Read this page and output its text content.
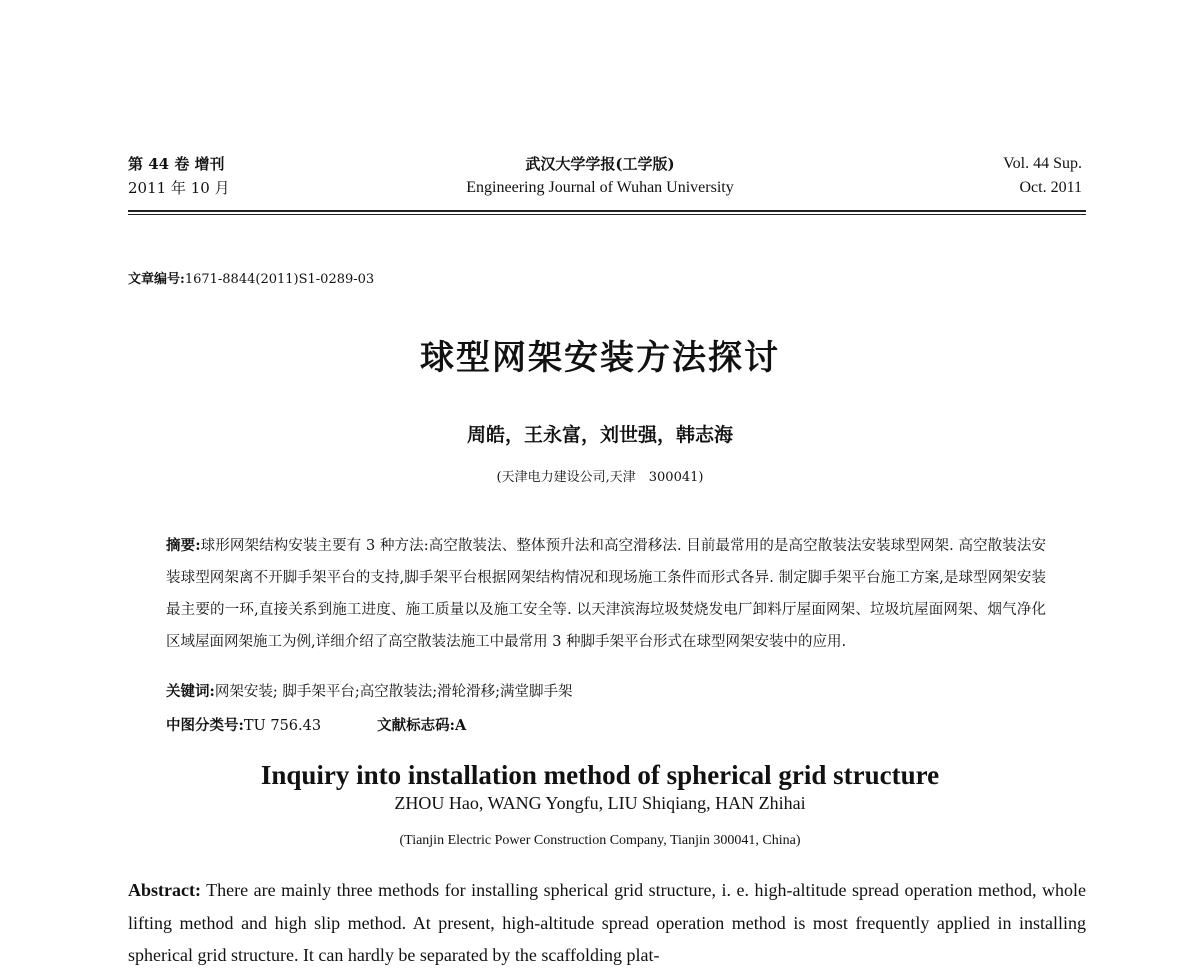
第 44 卷 增刊
2011 年 10 月
武汉大学学报(工学版)
Engineering Journal of Wuhan University
Vol. 44 Sup.
Oct. 2011
文章编号:1671-8844(2011)S1-0289-03
球型网架安装方法探讨
周皓，王永富，刘世强，韩志海
(天津电力建设公司,天津　300041)
摘要:球形网架结构安装主要有 3 种方法:高空散装法、整体预升法和高空滑移法. 目前最常用的是高空散装法安装球型网架. 高空散装法安装球型网架离不开脚手架平台的支持,脚手架平台根据网架结构情况和现场施工条件而形式各异. 制定脚手架平台施工方案,是球型网架安装最主要的一环,直接关系到施工进度、施工质量以及施工安全等. 以天津滨海垃圾焚烧发电厂卸料厅屋面网架、垃圾坑屋面网架、烟气净化区域屋面网架施工为例,详细介绍了高空散装法施工中最常用 3 种脚手架平台形式在球型网架安装中的应用.
关键词:网架安装; 脚手架平台;高空散装法;滑轮滑移;满堂脚手架
中图分类号:TU 756.43	文献标志码:A
Inquiry into installation method of spherical grid structure
ZHOU Hao, WANG Yongfu, LIU Shiqiang, HAN Zhihai
(Tianjin Electric Power Construction Company, Tianjin 300041, China)
Abstract: There are mainly three methods for installing spherical grid structure, i. e. high-altitude spread operation method, whole lifting method and high slip method. At present, high-altitude spread operation method is most frequently applied in installing spherical grid structure. It can hardly be separated by the scaffolding plat-
